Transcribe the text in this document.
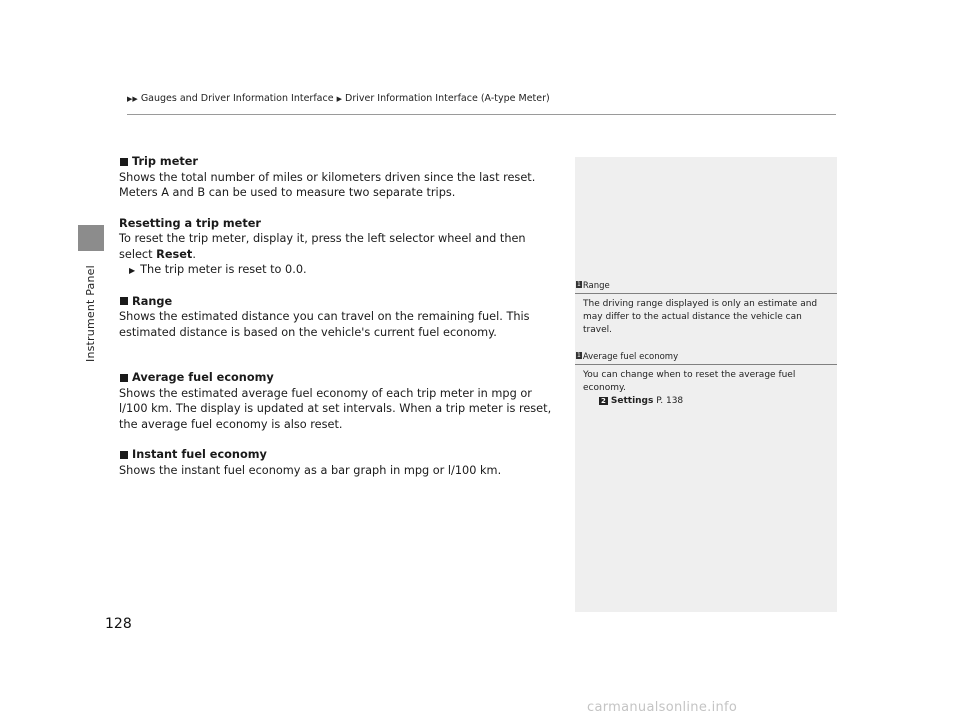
Instrument Panel
▶▶ Gauges and Driver Information Interface ▶ Driver Information Interface (A-type Meter)

Trip meter

Shows the total number of miles or kilometers driven since the last reset. Meters A and B can be used to measure two separate trips.

Resetting a trip meter

To reset the trip meter, display it, press the left selector wheel and then select Reset.

▶ The trip meter is reset to 0.0.

Range

Shows the estimated distance you can travel on the remaining fuel. This estimated distance is based on the vehicle's current fuel economy.

Average fuel economy

Shows the estimated average fuel economy of each trip meter in mpg or l/100 km. The display is updated at set intervals. When a trip meter is reset, the average fuel economy is also reset.

Instant fuel economy

Shows the instant fuel economy as a bar graph in mpg or l/100 km.

1 Range
The driving range displayed is only an estimate and may differ to the actual distance the vehicle can travel.
1 Average fuel economy
You can change when to reset the average fuel economy.
2 Settings P. 138
128
carmanualsonline.info
